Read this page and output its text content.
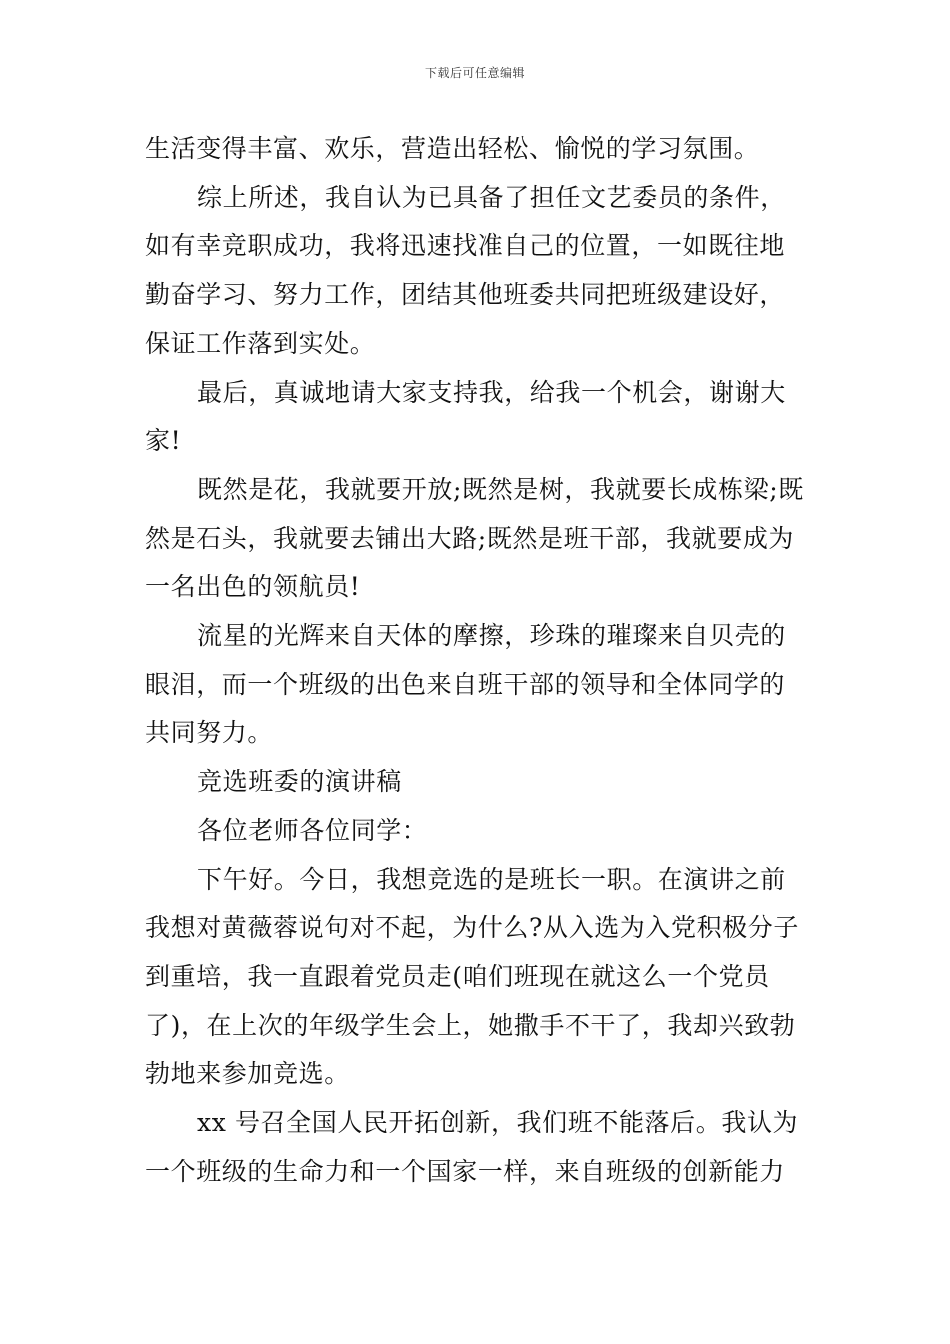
下载后可任意编辑

生活变得丰富、欢乐，营造出轻松、愉悦的学习氛围。

综上所述，我自认为已具备了担任文艺委员的条件，如有幸竞职成功，我将迅速找准自己的位置，一如既往地勤奋学习、努力工作，团结其他班委共同把班级建设好，保证工作落到实处。

最后，真诚地请大家支持我，给我一个机会，谢谢大家!

既然是花，我就要开放;既然是树，我就要长成栋梁;既然是石头，我就要去铺出大路;既然是班干部，我就要成为一名出色的领航员!

流星的光辉来自天体的摩擦，珍珠的璀璨来自贝壳的眼泪，而一个班级的出色来自班干部的领导和全体同学的共同努力。

竞选班委的演讲稿

各位老师各位同学：

下午好。今日，我想竞选的是班长一职。在演讲之前我想对黄薇蓉说句对不起，为什么?从入选为入党积极分子到重培，我一直跟着党员走(咱们班现在就这么一个党员了)，在上次的年级学生会上，她撒手不干了，我却兴致勃勃地来参加竞选。

xx 号召全国人民开拓创新，我们班不能落后。我认为一个班级的生命力和一个国家一样，来自班级的创新能力
